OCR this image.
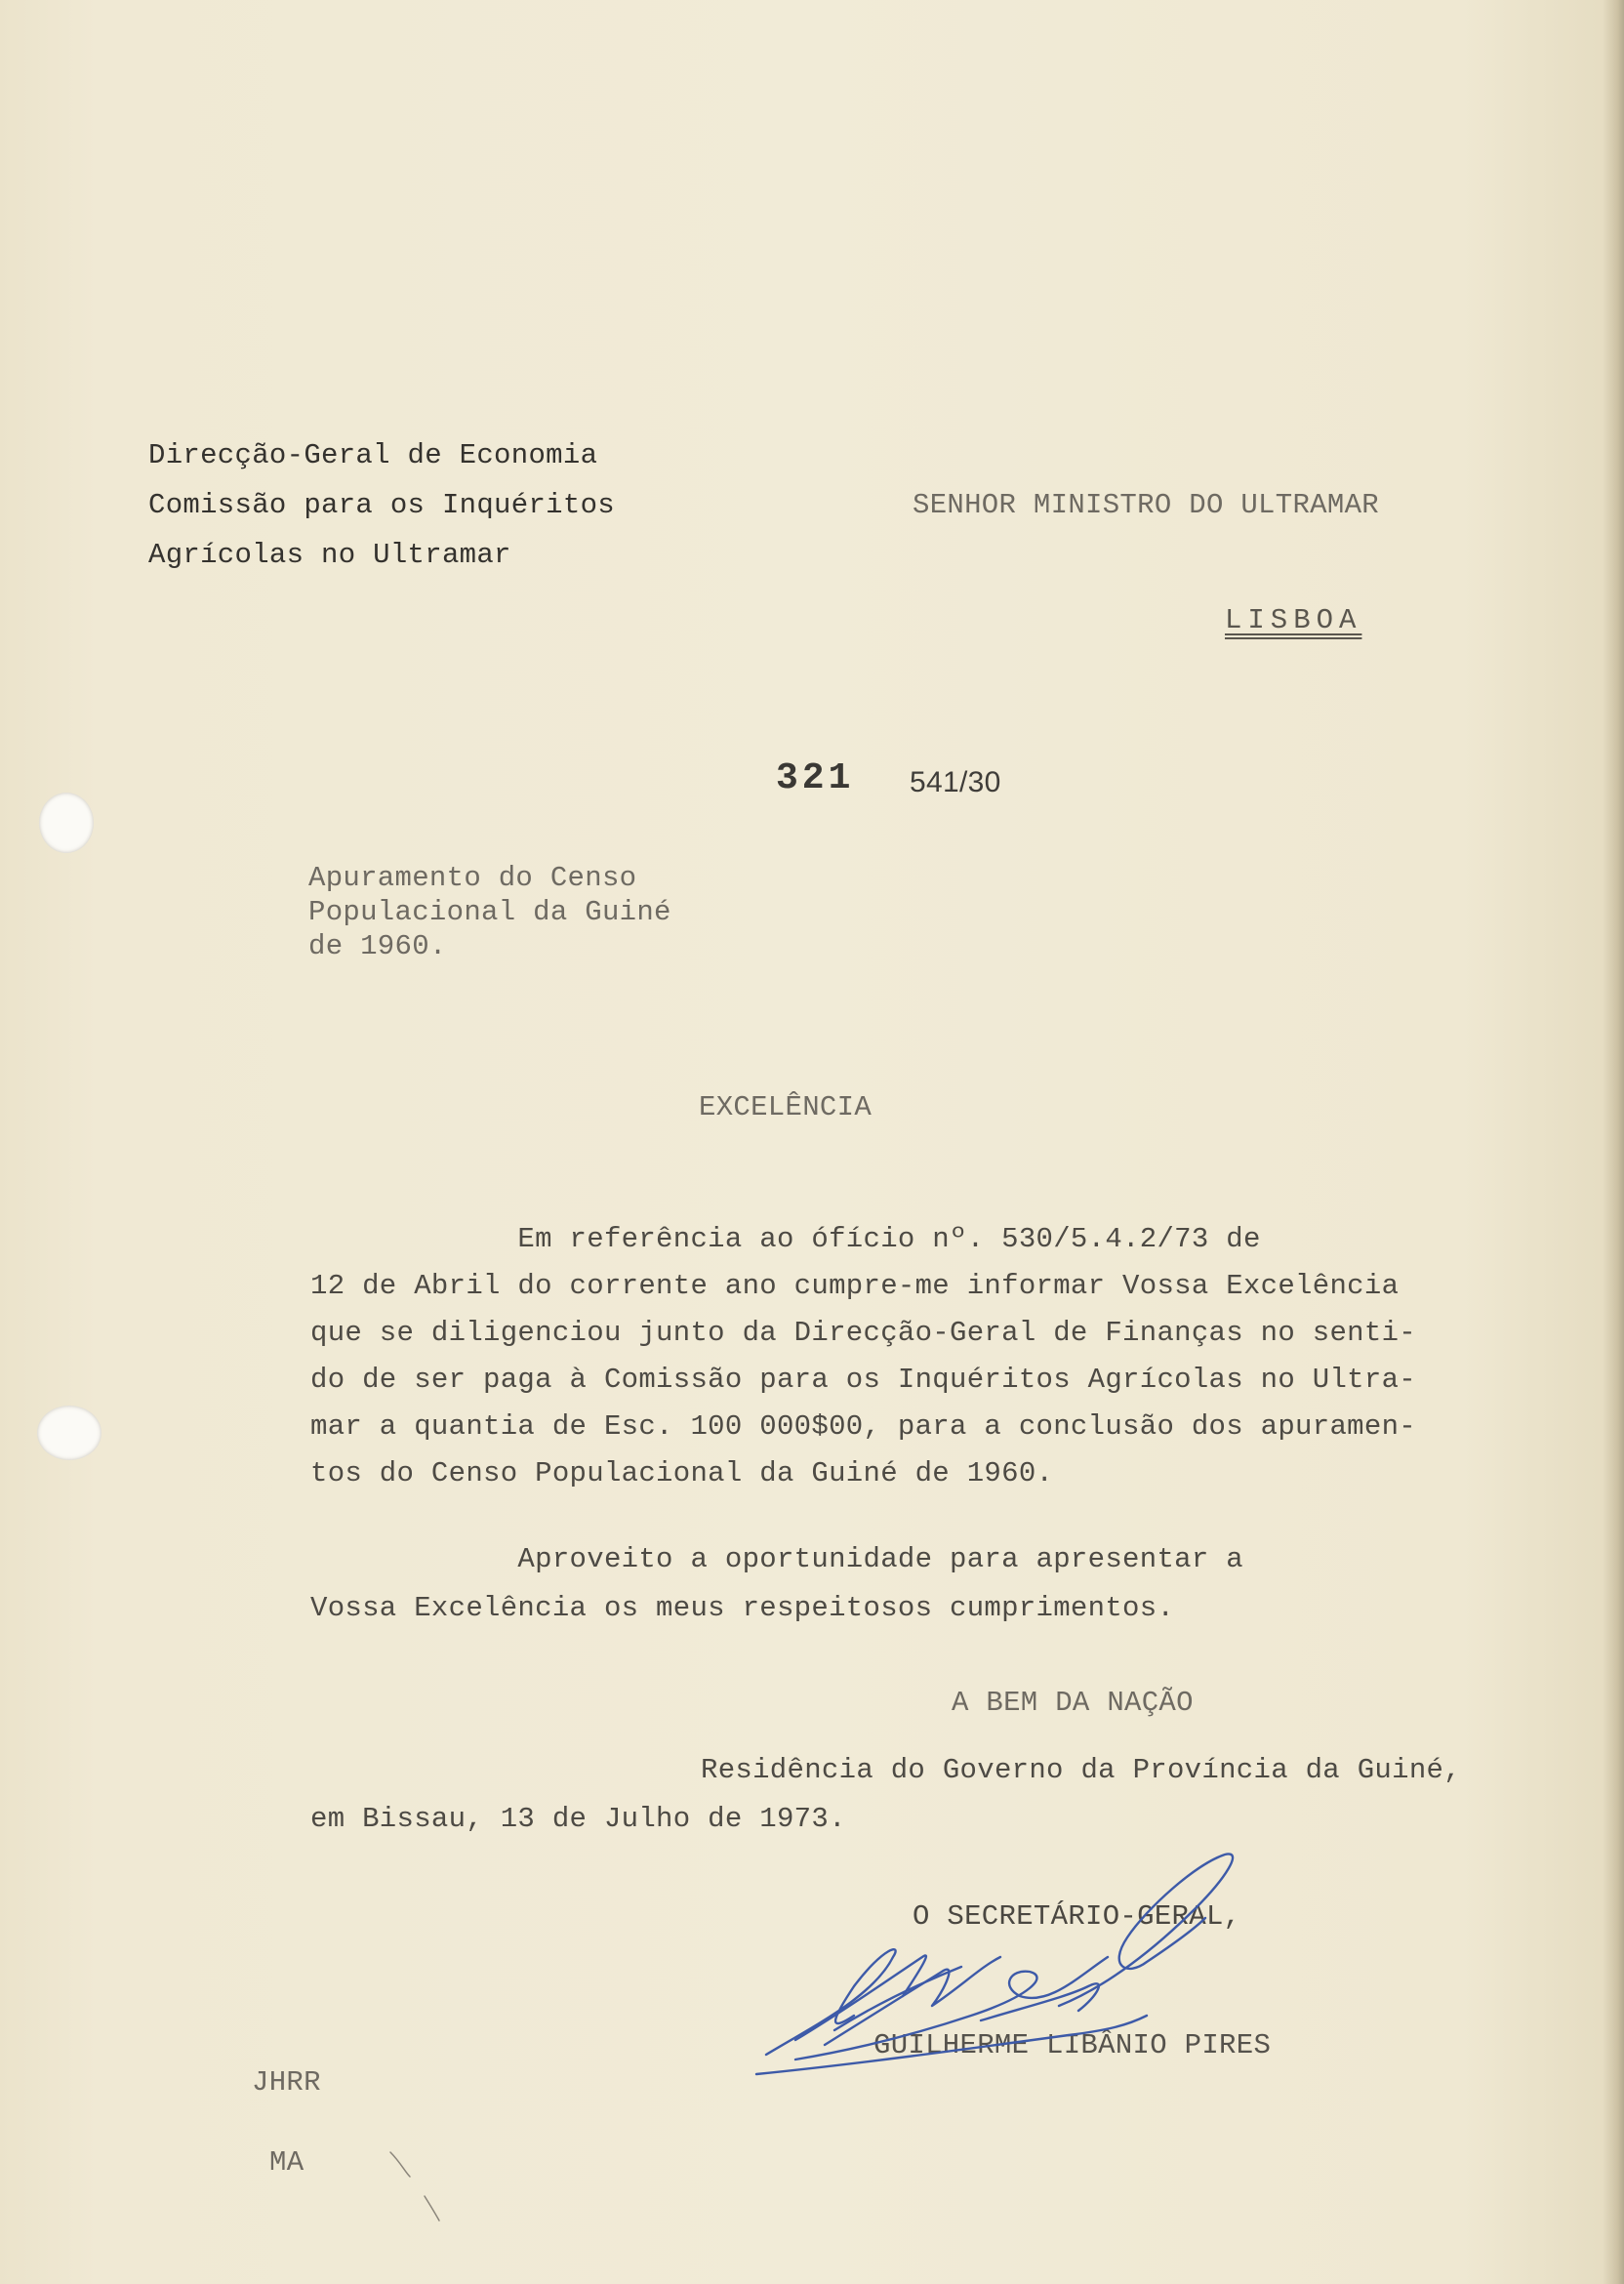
Direcção-Geral de Economia

Comissão para os Inquéritos

Agrícolas no Ultramar

SENHOR MINISTRO DO ULTRAMAR

LISBOA

321 541/30

Apuramento do Censo

Populacional da Guiné

de 1960.

EXCELÊNCIA

Em referência ao ófício nº. 530/5.4.2/73 de

12 de Abril do corrente ano cumpre-me informar Vossa Excelência

que se diligenciou junto da Direcção-Geral de Finanças no senti-

do de ser paga à Comissão para os Inquéritos Agrícolas no Ultra-

mar a quantia de Esc. 100 000$00, para a conclusão dos apuramen-

tos do Censo Populacional da Guiné de 1960.

Aproveito a oportunidade para apresentar a

Vossa Excelência os meus respeitosos cumprimentos.

A BEM DA NAÇÃO

Residência do Governo da Província da Guiné,

em Bissau, 13 de Julho de 1973.

O SECRETÁRIO-GERAL,

GUILHERME LIBÂNIO PIRES

JHRR

MA
